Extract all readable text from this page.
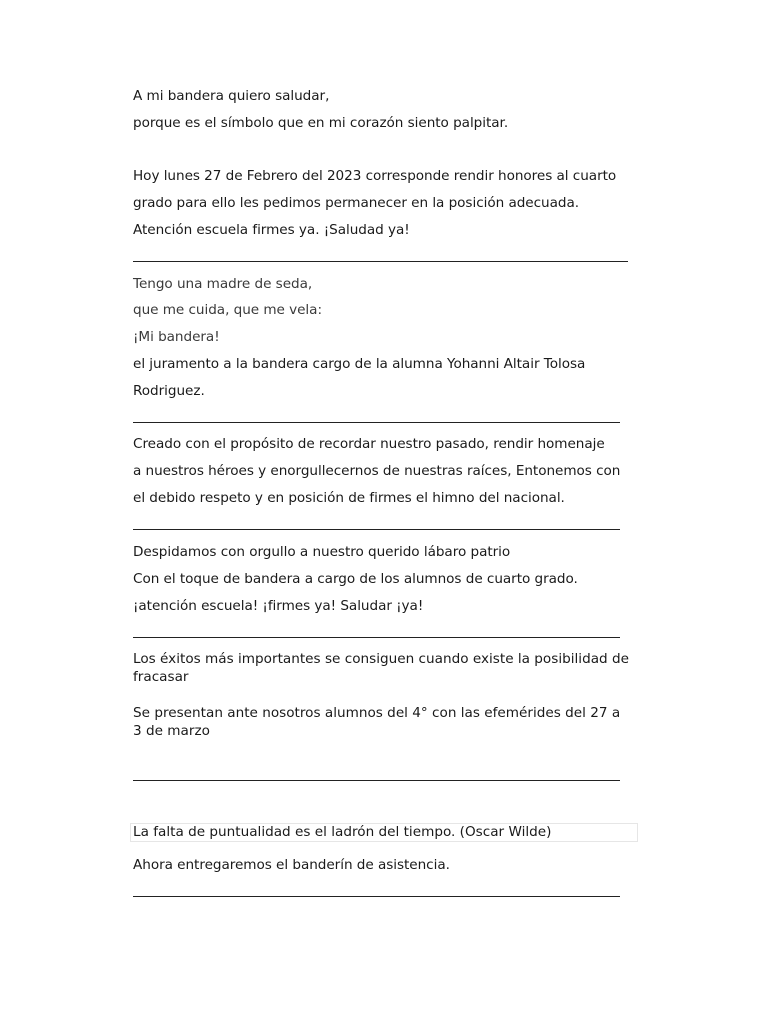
A mi bandera quiero saludar,
porque es el símbolo que en mi corazón siento palpitar.
Hoy lunes 27 de Febrero del 2023 corresponde rendir honores al cuarto
grado para ello les pedimos permanecer en la posición adecuada.
Atención escuela firmes ya. ¡Saludad ya!
Tengo una madre de seda,
que me cuida, que me vela:
¡Mi bandera!
el juramento a la bandera cargo de la alumna Yohanni Altair Tolosa
Rodriguez.
Creado con el propósito de recordar nuestro pasado, rendir homenaje
a nuestros héroes y enorgullecernos de nuestras raíces, Entonemos con
el debido respeto y en posición de firmes el himno del nacional.
Despidamos con orgullo a nuestro querido lábaro patrio
Con el toque de bandera a cargo de los alumnos de cuarto grado.
¡atención escuela! ¡firmes ya! Saludar ¡ya!
Los éxitos más importantes se consiguen cuando existe la posibilidad de fracasar
Se presentan ante nosotros alumnos del 4° con las efemérides del 27 a 3 de marzo
La falta de puntualidad es el ladrón del tiempo. (Oscar Wilde)
Ahora entregaremos el banderín de asistencia.
